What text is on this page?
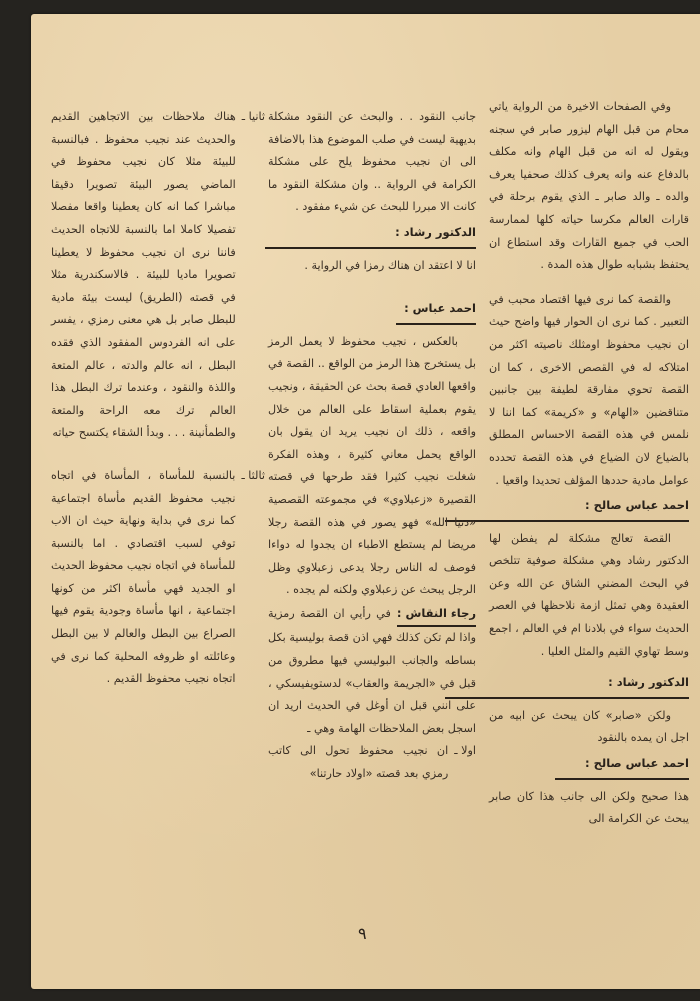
وفي الصفحات الاخيرة من الرواية ياتي محام من قبل الهام ليزور صابر في سجنه ويقول له انه من قبل الهام وانه مكلف بالدفاع عنه وانه يعرف كذلك صحفيا يعرف والده ـ والد صابر ـ الذي يقوم برحلة في قارات العالم مكرسا حياته كلها لممارسة الحب في جميع القارات وقد استطاع ان يحتفظ بشبابه طوال هذه المدة .

والقصة كما نرى فيها اقتصاد محبب في التعبير . كما نرى ان الحوار فيها واضح حيث ان نجيب محفوظ اومثلك ناصيته اكثر من امتلاكه له في القصص الاخرى ، كما ان القصة تحوي مفارقة لطيفة بين جانبين متناقضين «الهام» و «كريمة» كما اننا لا نلمس في هذه القصة الاحساس المطلق بالضياع لان الضياع في هذه القصة تحدده عوامل مادية حددها المؤلف تحديدا واقعيا .

احمد عباس صالح :

القصة تعالج مشكلة لم يفطن لها الدكتور رشاد وهي مشكلة صوفية تتلخص في البحث المضني الشاق عن الله وعن العقيدة وهي تمثل ازمة نلاحظها في العصر الحديث سواء في بلادنا ام في العالم ، اجمع وسط تهاوي القيم والمثل العليا .

الدكتور رشاد :

ولكن «صابر» كان يبحث عن ابيه من اجل ان يمده بالنقود

احمد عباس صالح :

هذا صحيح ولكن الى جانب هذا كان صابر يبحث عن الكرامة الى

جانب النقود . . والبحث عن النقود مشكلة بديهية ليست في صلب الموضوع هذا بالاضافة الى ان نجيب محفوظ يلح على مشكلة الكرامة في الرواية .. وان مشكلة النقود ما كانت الا مبررا للبحث عن شيء مفقود .

الدكتور رشاد :

انا لا اعتقد ان هناك رمزا في الرواية .

احمد عباس :

بالعكس ، نجيب محفوظ لا يعمل الرمز بل يستخرج هذا الرمز من الواقع .. القصة في واقعها العادي قصة بحث عن الحقيقة ، ونجيب يقوم بعملية اسقاط على العالم من خلال واقعه ، ذلك ان نجيب يريد ان يقول بان الواقع يحمل معاني كثيرة ، وهذه الفكرة شغلت نجيب كثيرا فقد طرحها في قصته القصيرة «زعبلاوي» في مجموعته القصصية «دنيا الله» فهو يصور في هذه القصة رجلا مريضا لم يستطع الاطباء ان يجدوا له دواءا فوصف له الناس رجلا يدعى زعبلاوي وظل الرجل يبحث عن زعبلاوي ولكنه لم يجده .

رجاء النقاش :في رأيي ان القصة رمزية واذا لم تكن كذلك فهي اذن قصة بوليسية بكل بساطه والجانب البوليسي فيها مطروق من قبل في «الجريمة والعقاب» لدستويفيسكي ، على انني قبل ان أوغل في الحديث اريد ان اسجل بعض الملاحظات الهامة وهي ـ

اولا ـ
ان نجيب محفوظ تحول الى كاتب رمزي بعد قصته «اولاد حارتنا»
ثانيا ـ
هناك ملاحظات بين الاتجاهين القديم والحديث عند نجيب محفوظ . فبالنسبة للبيئة مثلا كان نجيب محفوظ في الماضي يصور البيئة تصويرا دقيقا مباشرا كما انه كان يعطينا واقعا مفصلا تفصيلا كاملا اما بالنسبة للاتجاه الحديث فاننا نرى ان نجيب محفوظ لا يعطينا تصويرا ماديا للبيئة . فالاسكندرية مثلا في قصته (الطريق) ليست بيئة مادية للبطل صابر بل هي معنى رمزي ، يفسر على انه الفردوس المفقود الذي فقده البطل ، انه عالم والدته ، عالم المتعة واللذة والنقود ، وعندما ترك البطل هذا العالم ترك معه الراحة والمتعة والطمأنينة . . . وبدأ الشقاء يكتسح حياته
ثالثا ـ
بالنسبة للمأساة ، المأساة في اتجاه نجيب محفوظ القديم مأساة اجتماعية كما نرى في بداية ونهاية حيث ان الاب توفي لسبب اقتصادي . اما بالنسبة للمأساة في اتجاه نجيب محفوظ الحديث او الجديد فهي مأساة اكثر من كونها اجتماعية ، انها مأساة وجودية يقوم فيها الصراع بين البطل والعالم لا بين البطل وعائلته او ظروفه المحلية كما نرى في اتجاه نجيب محفوظ القديم .
٩
